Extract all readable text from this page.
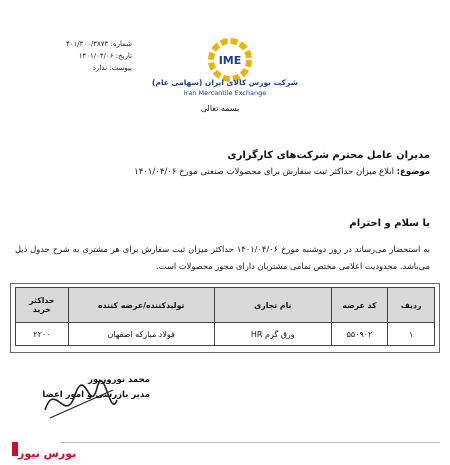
شماره: ۴۰۱/۳۰۰/۳۸۷۳
تاریخ: ۱۴۰۱/۰۴/۰۶
پیوست: ندارد
IME
شرکت بورس کالای ایران (سهامی عام)
Iran Mercantile Exchange
بسمه تعالی
مدیران عامل محترم شرکت‌های کارگزاری
موضوع: ابلاغ میزان حداکثر ثبت سفارش برای محصولات صنعتی مورخ ۱۴۰۱/۰۴/۰۶
با سلام و احترام
به استحضار می‌رساند در روز دوشنبه مورخ ۱۴۰۱/۰۴/۰۶ حداکثر میزان ثبت سفارش برای هر مشتری به شرح جدول ذیل می‌باشد. محدودیت اعلامی مختص تمامی مشتریان دارای مجوز محصولات است.
ردیف	کد عرضه	نام تجاری	تولیدکننده/عرضه کننده	حداکثر خرید
۱	۵۵۰۹۰۲	ورق گرم HR	فولاد مبارکه اصفهان	۲۲۰۰
محمد نوروزپور
مدیر بازرسی و امور اعضا
بورس نیوز
